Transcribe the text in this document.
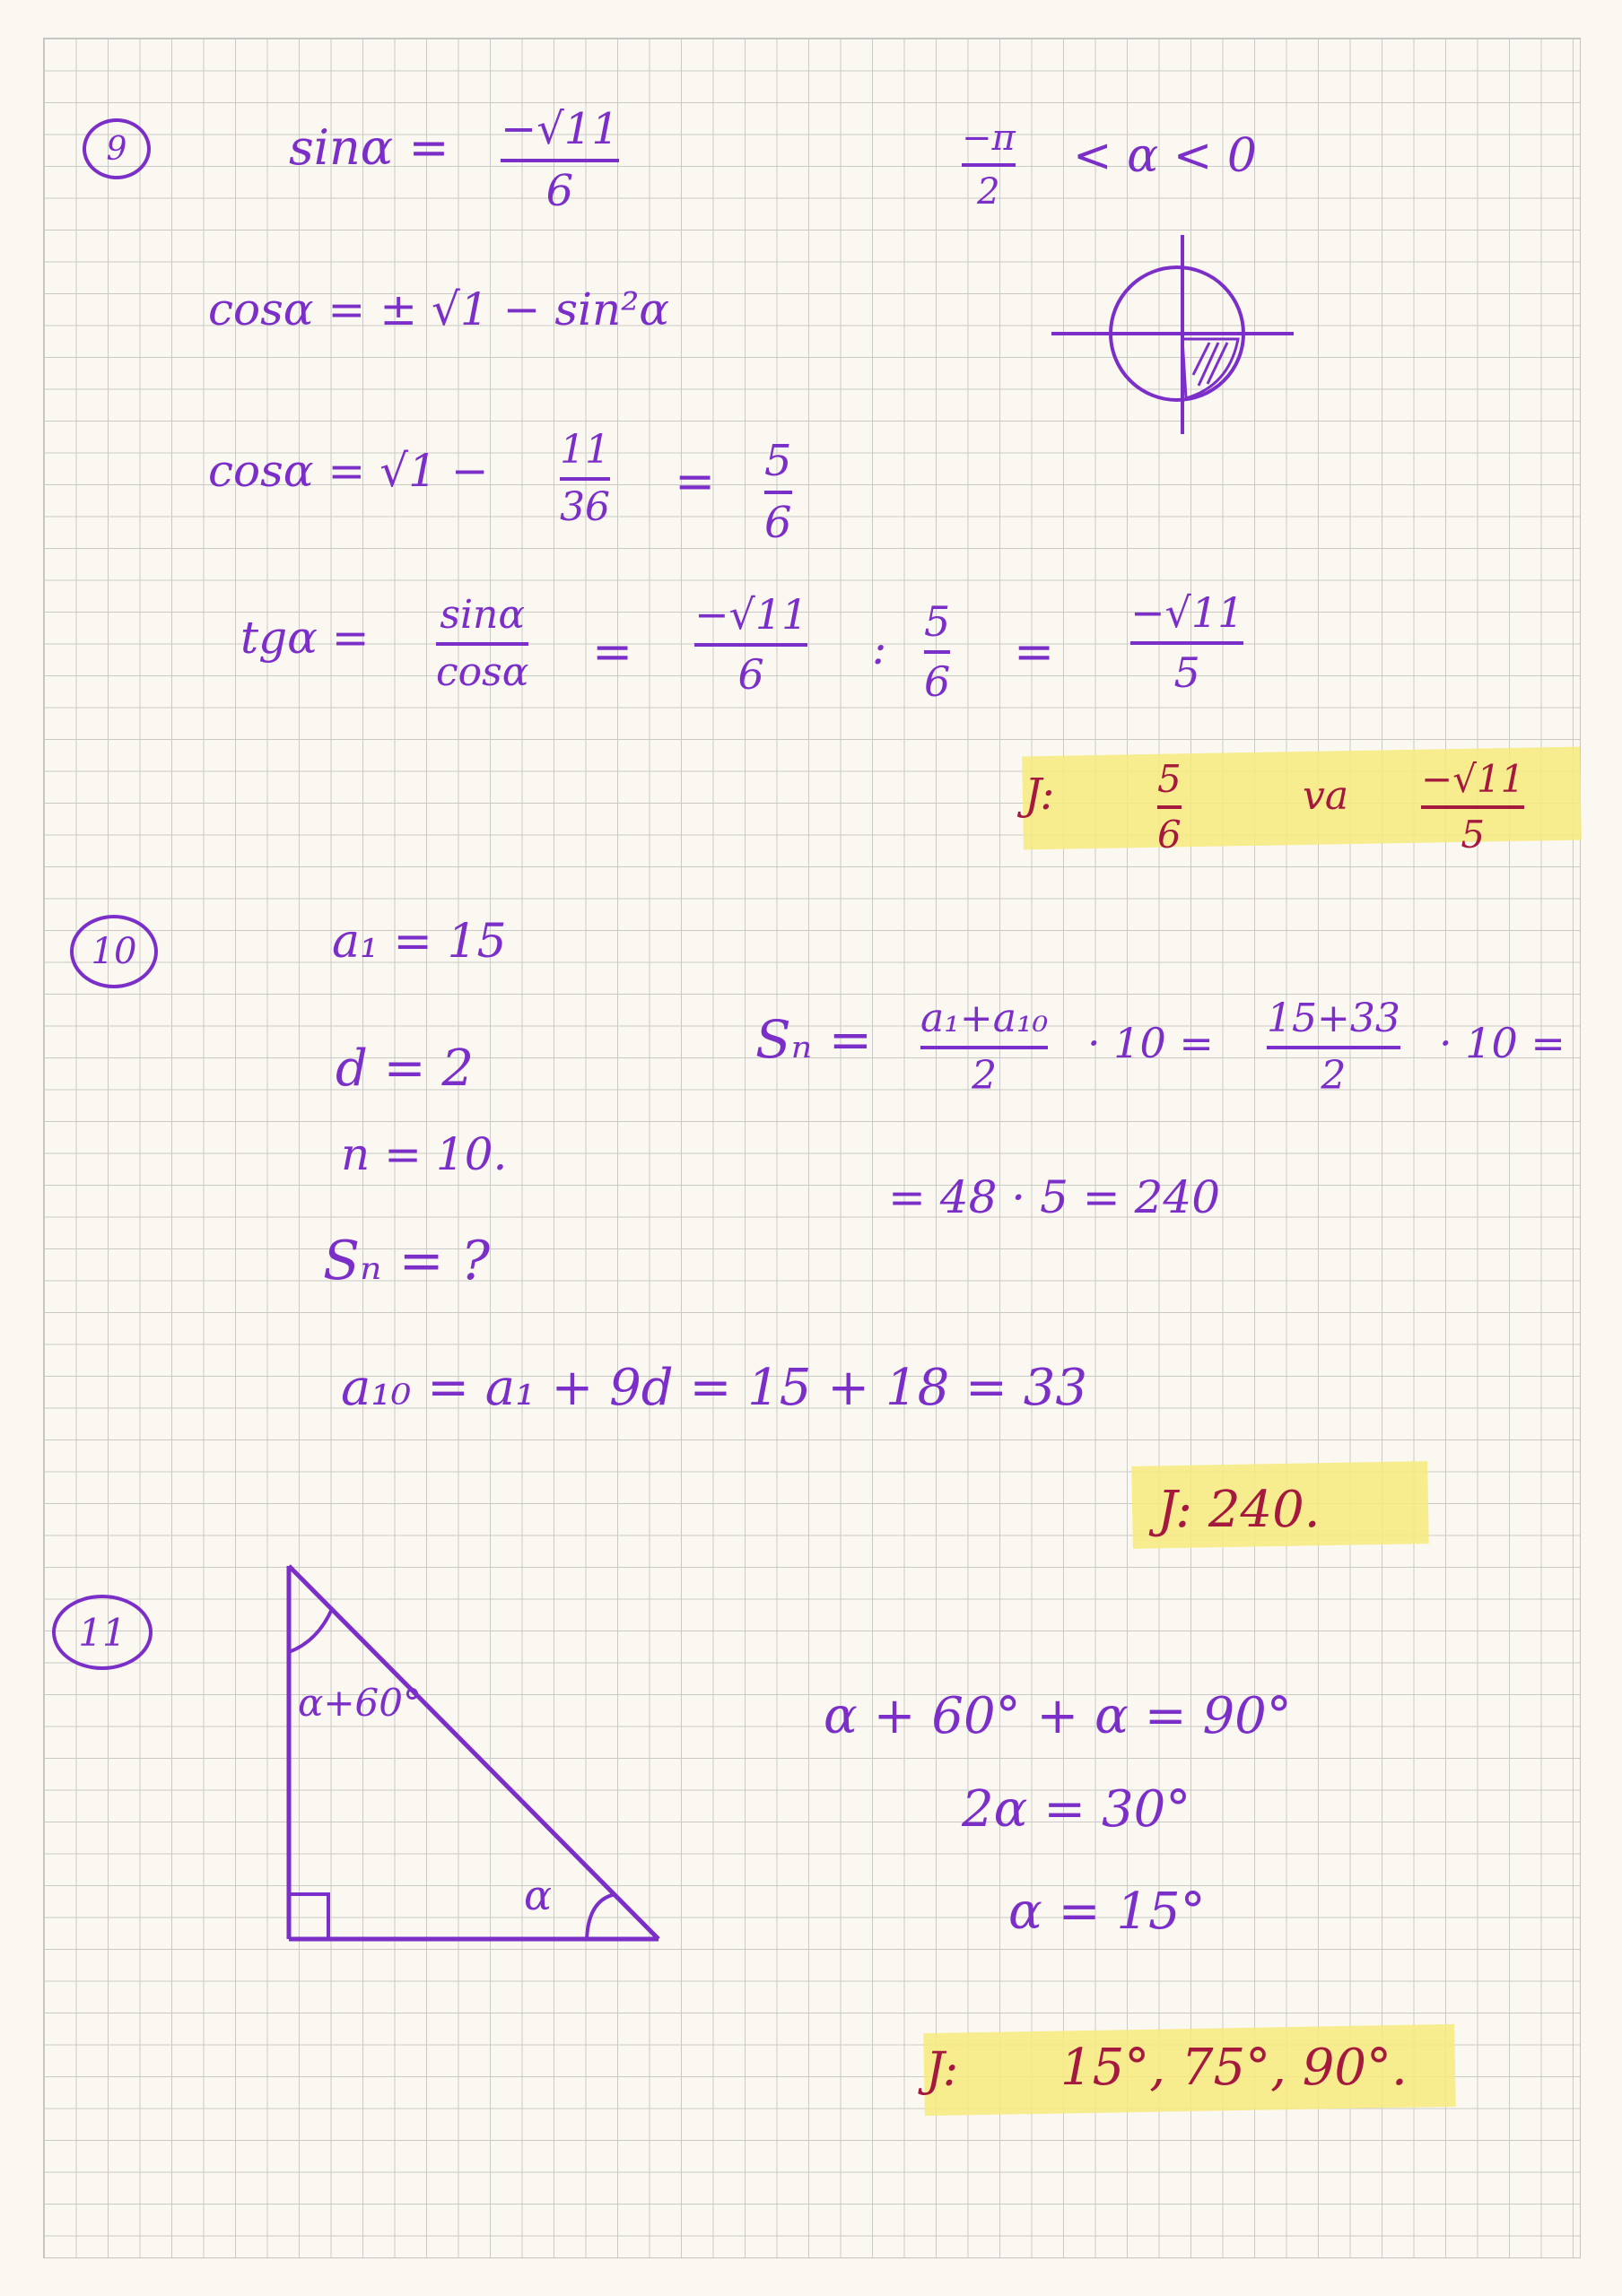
9	sinα = −√11
6
−π
2
< α < 0
cosα = ± √1 − sin²α
cosα = √1 − 11
36 = 5
6
tgα = sinα
cosα =
−√11
6	:
5
6
=
−√11
5
J:	5
6
va −√11
5
10	a₁ = 15
d = 2
n = 10.
Sₙ = ?
Sₙ = a₁+a₁₀
2
· 10 =
15+33
2
· 10 =
= 48 · 5 = 240
a₁₀ = a₁ + 9d = 15 + 18 = 33
J: 240.
11
α+60°
α
α + 60° + α = 90°
2α = 30°
α = 15°
J: 15°, 75°, 90°.
